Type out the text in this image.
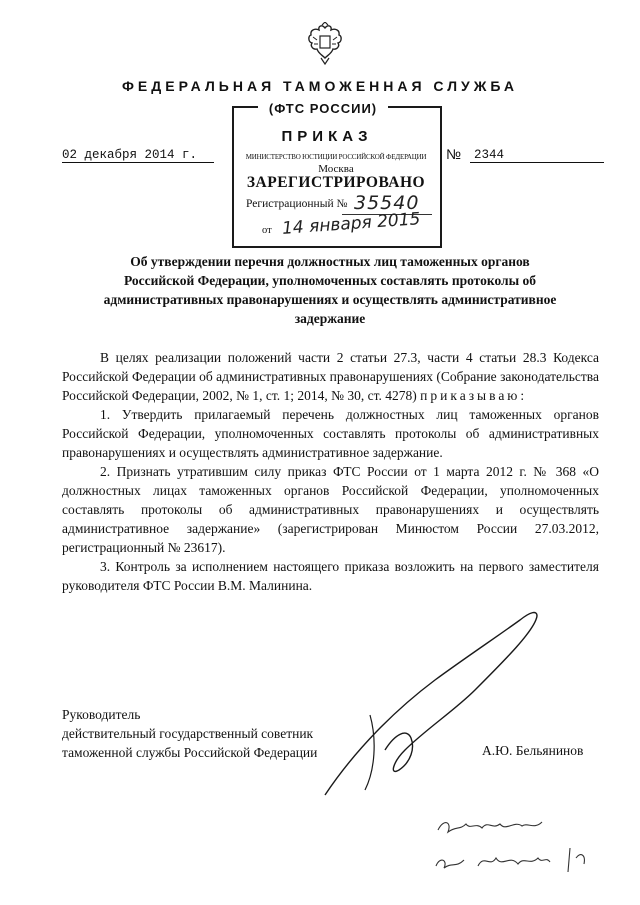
ФЕДЕРАЛЬНАЯ ТАМОЖЕННАЯ СЛУЖБА
(ФТС РОССИИ)
ПРИКАЗ
02 декабря 2014 г.	№	2344
МИНИСТЕРСТВО ЮСТИЦИИ РОССИЙСКОЙ ФЕДЕРАЦИИ
Москва
ЗАРЕГИСТРИРОВАНО
Регистрационный № 35540
от 14 января 2015
Об утверждении перечня должностных лиц таможенных органов
Российской Федерации, уполномоченных составлять протоколы об
административных правонарушениях и осуществлять административное
задержание

В целях реализации положений части 2 статьи 27.3, части 4 статьи 28.3 Кодекса Российской Федерации об административных правонарушениях (Собрание законодательства Российской Федерации, 2002, № 1, ст. 1; 2014, № 30, ст. 4278) приказываю:

1. Утвердить прилагаемый перечень должностных лиц таможенных органов Российской Федерации, уполномоченных составлять протоколы об административных правонарушениях и осуществлять административное задержание.

2. Признать утратившим силу приказ ФТС России от 1 марта 2012 г. № 368 «О должностных лицах таможенных органов Российской Федерации, уполномоченных составлять протоколы об административных правонарушениях и осуществлять административное задержание» (зарегистрирован Минюстом России 27.03.2012, регистрационный № 23617).

3. Контроль за исполнением настоящего приказа возложить на первого заместителя руководителя ФТС России В.М. Малинина.

Руководитель
действительный государственный советник
таможенной службы Российской Федерации	А.Ю. Бельянинов
